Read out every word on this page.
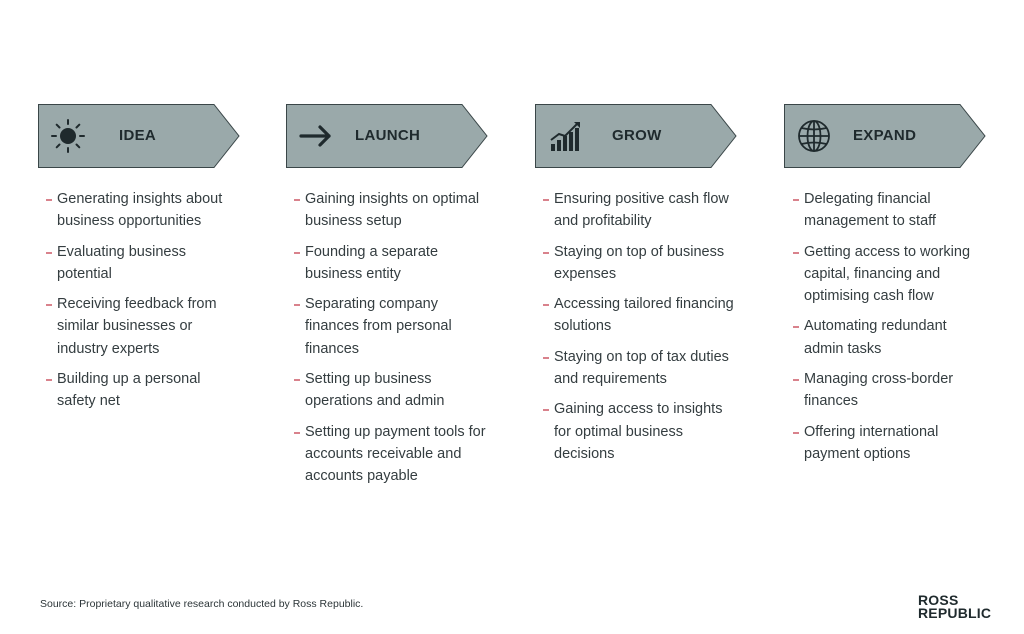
IDEA
Generating insights about business opportunities
Evaluating business potential
Receiving feedback from similar businesses or industry experts
Building up a personal safety net
LAUNCH
Gaining insights on optimal business setup
Founding a separate business entity
Separating company finances from personal finances
Setting up business operations and admin
Setting up payment tools for accounts receivable and accounts payable
GROW
Ensuring positive cash flow and profitability
Staying on top of business expenses
Accessing tailored financing solutions
Staying on top of tax duties and requirements
Gaining access to insights for optimal business decisions
EXPAND
Delegating financial management to staff
Getting access to working capital, financing and optimising cash flow
Automating redundant admin tasks
Managing cross-border finances
Offering international payment options
Source: Proprietary qualitative research conducted by Ross Republic.	ROSS
REPUBLIC
